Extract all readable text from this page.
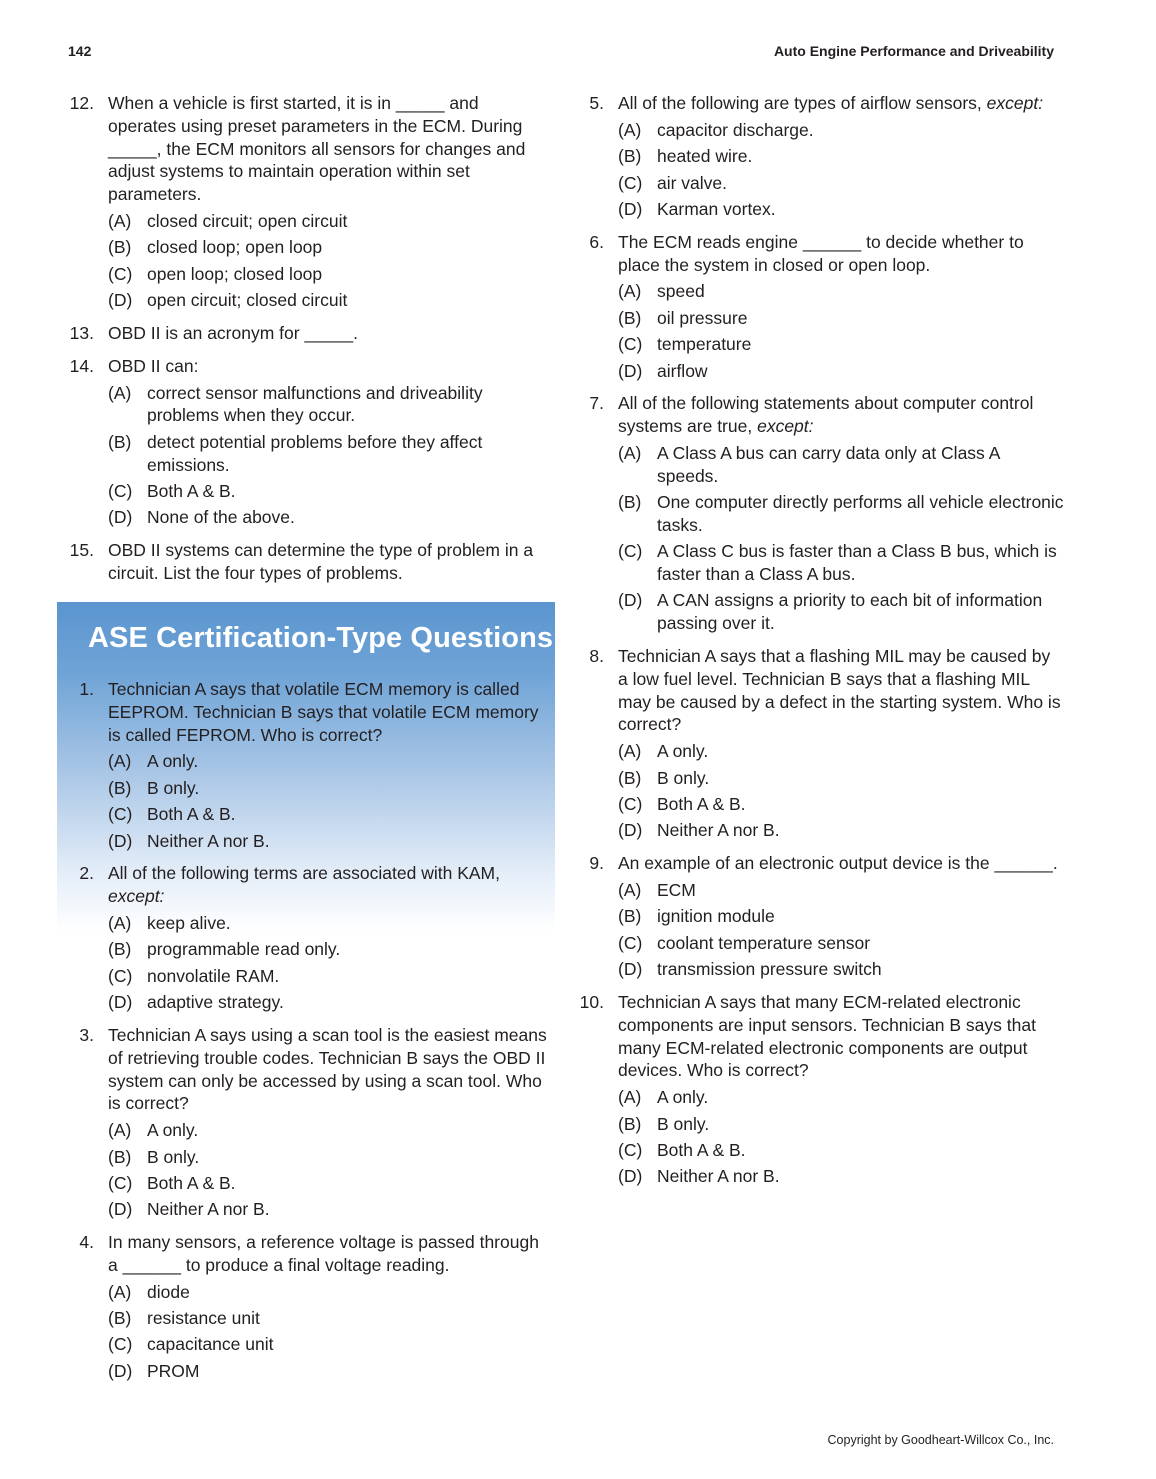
142	Auto Engine Performance and Driveability
12. When a vehicle is first started, it is in _____ and operates using preset parameters in the ECM. During _____, the ECM monitors all sensors for changes and adjust systems to maintain operation within set parameters.
(A) closed circuit; open circuit
(B) closed loop; open loop
(C) open loop; closed loop
(D) open circuit; closed circuit
13. OBD II is an acronym for _____.
14. OBD II can:
(A) correct sensor malfunctions and driveability problems when they occur.
(B) detect potential problems before they affect emissions.
(C) Both A & B.
(D) None of the above.
15. OBD II systems can determine the type of problem in a circuit. List the four types of problems.
ASE Certification-Type Questions
1. Technician A says that volatile ECM memory is called EEPROM. Technician B says that volatile ECM memory is called FEPROM. Who is correct?
(A) A only.
(B) B only.
(C) Both A & B.
(D) Neither A nor B.
2. All of the following terms are associated with KAM, except:
(A) keep alive.
(B) programmable read only.
(C) nonvolatile RAM.
(D) adaptive strategy.
3. Technician A says using a scan tool is the easiest means of retrieving trouble codes. Technician B says the OBD II system can only be accessed by using a scan tool. Who is correct?
(A) A only.
(B) B only.
(C) Both A & B.
(D) Neither A nor B.
4. In many sensors, a reference voltage is passed through a ______ to produce a final voltage reading.
(A) diode
(B) resistance unit
(C) capacitance unit
(D) PROM
5. All of the following are types of airflow sensors, except:
(A) capacitor discharge.
(B) heated wire.
(C) air valve.
(D) Karman vortex.
6. The ECM reads engine ______ to decide whether to place the system in closed or open loop.
(A) speed
(B) oil pressure
(C) temperature
(D) airflow
7. All of the following statements about computer control systems are true, except:
(A) A Class A bus can carry data only at Class A speeds.
(B) One computer directly performs all vehicle electronic tasks.
(C) A Class C bus is faster than a Class B bus, which is faster than a Class A bus.
(D) A CAN assigns a priority to each bit of information passing over it.
8. Technician A says that a flashing MIL may be caused by a low fuel level. Technician B says that a flashing MIL may be caused by a defect in the starting system. Who is correct?
(A) A only.
(B) B only.
(C) Both A & B.
(D) Neither A nor B.
9. An example of an electronic output device is the ______.
(A) ECM
(B) ignition module
(C) coolant temperature sensor
(D) transmission pressure switch
10. Technician A says that many ECM-related electronic components are input sensors. Technician B says that many ECM-related electronic components are output devices. Who is correct?
(A) A only.
(B) B only.
(C) Both A & B.
(D) Neither A nor B.
Copyright by Goodheart-Willcox Co., Inc.
